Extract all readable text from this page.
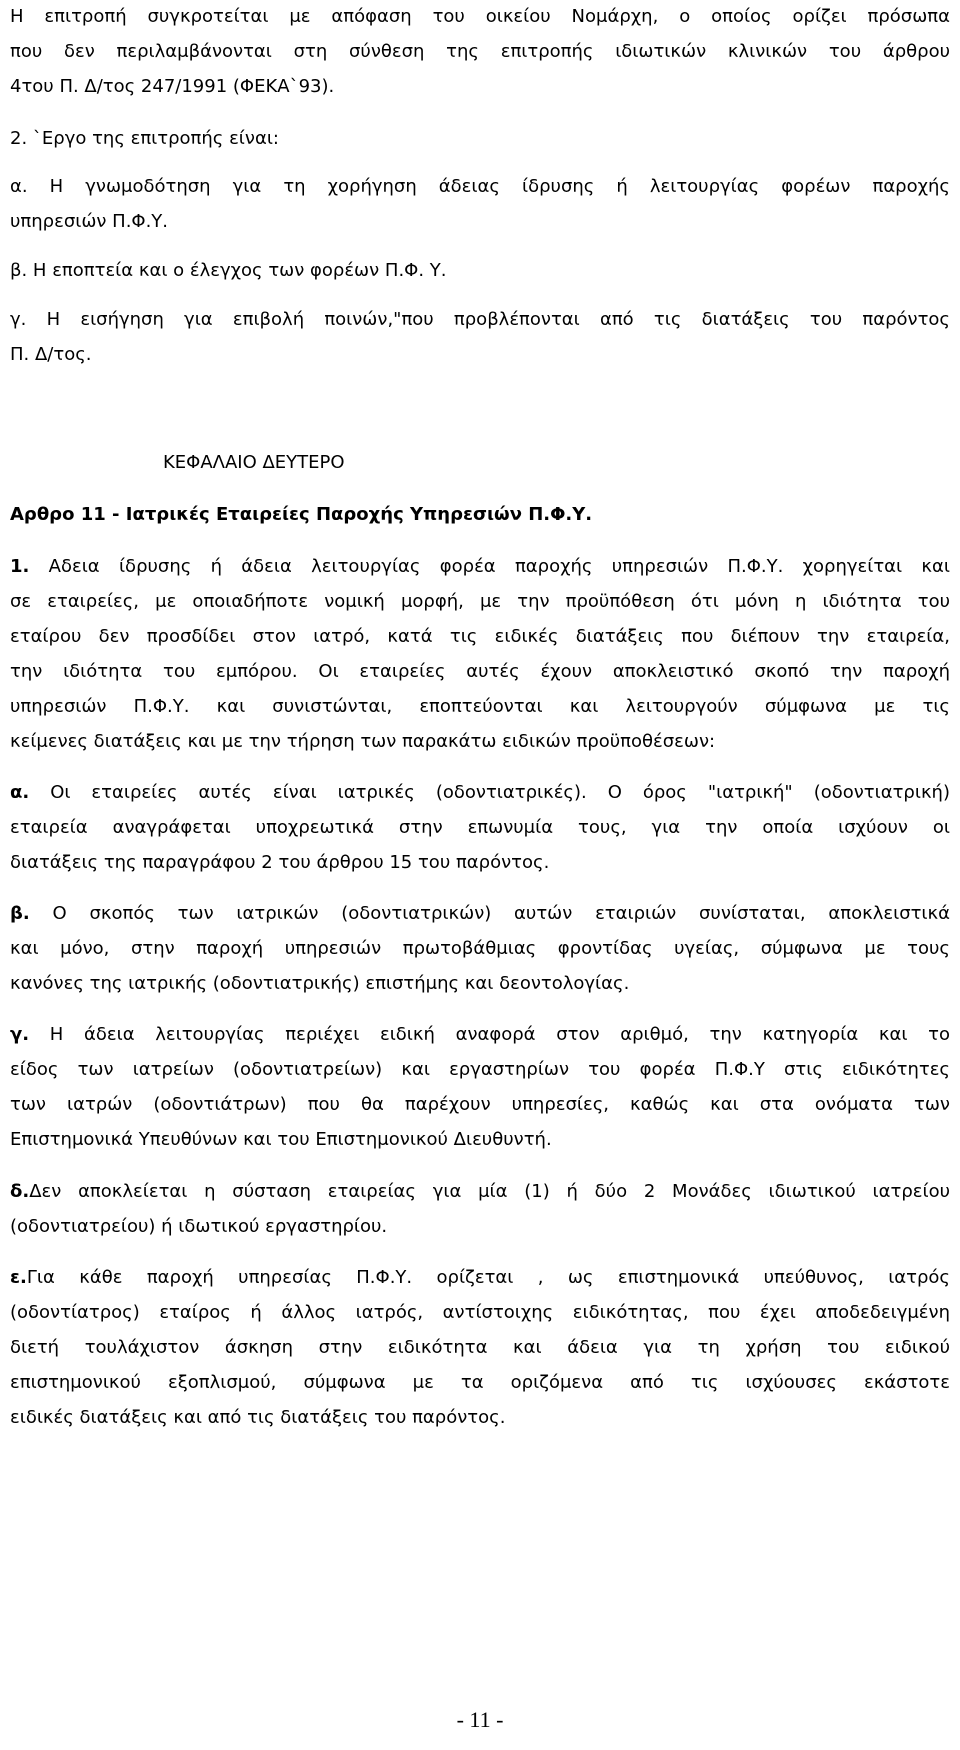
Η επιτροπή συγκροτείται με απόφαση του οικείου Νομάρχη, ο οποίος ορίζει πρόσωπα
που δεν περιλαμβάνονται στη σύνθεση της επιτροπής ιδιωτικών κλινικών του άρθρου
4του Π. Δ/τος 247/1991 (ΦΕΚΑ`93).
2. `Εργο της επιτροπής είναι:
α. Η γνωμοδότηση για τη χορήγηση άδειας ίδρυσης ή λειτουργίας φορέων παροχής
υπηρεσιών Π.Φ.Υ.
β. Η εποπτεία και ο έλεγχος των φορέων Π.Φ. Υ.
γ. Η εισήγηση για επιβολή ποινών,"που προβλέπονται από τις διατάξεις του παρόντος
Π. Δ/τος.
ΚΕΦΑΛΑΙΟ ΔΕΥΤΕΡΟ
Αρθρο 11 - Ιατρικές Εταιρείες Παροχής Υπηρεσιών Π.Φ.Υ.
1. Αδεια ίδρυσης ή άδεια λειτουργίας φορέα παροχής υπηρεσιών Π.Φ.Υ. χορηγείται και
σε εταιρείες, με οποιαδήποτε νομική μορφή, με την προϋπόθεση ότι μόνη η ιδιότητα του
εταίρου δεν προσδίδει στον ιατρό, κατά τις ειδικές διατάξεις που διέπουν την εταιρεία,
την ιδιότητα του εμπόρου. Οι εταιρείες αυτές έχουν αποκλειστικό σκοπό την παροχή
υπηρεσιών Π.Φ.Υ. και συνιστώνται, εποπτεύονται και λειτουργούν σύμφωνα με τις
κείμενες διατάξεις και με την τήρηση των παρακάτω ειδικών προϋποθέσεων:
α. Οι εταιρείες αυτές είναι ιατρικές (οδοντιατρικές). Ο όρος "ιατρική" (οδοντιατρική)
εταιρεία αναγράφεται υποχρεωτικά στην επωνυμία τους, για την οποία ισχύουν οι
διατάξεις της παραγράφου 2 του άρθρου 15 του παρόντος.
β. Ο σκοπός των ιατρικών (οδοντιατρικών) αυτών εταιριών συνίσταται, αποκλειστικά
και μόνο, στην παροχή υπηρεσιών πρωτοβάθμιας φροντίδας υγείας, σύμφωνα με τους
κανόνες της ιατρικής (οδοντιατρικής) επιστήμης και δεοντολογίας.
γ. Η άδεια λειτουργίας περιέχει ειδική αναφορά στον αριθμό, την κατηγορία και το
είδος των ιατρείων (οδοντιατρείων) και εργαστηρίων του φορέα Π.Φ.Υ στις ειδικότητες
των ιατρών (οδοντιάτρων) που θα παρέχουν υπηρεσίες, καθώς και στα ονόματα των
Επιστημονικά Υπευθύνων και του Επιστημονικού Διευθυντή.
δ.Δεν αποκλείεται η σύσταση εταιρείας για μία (1) ή δύο 2 Μονάδες ιδιωτικού ιατρείου
(οδοντιατρείου) ή ιδωτικού εργαστηρίου.
ε.Για κάθε παροχή υπηρεσίας Π.Φ.Υ. ορίζεται , ως επιστημονικά υπεύθυνος, ιατρός
(οδοντίατρος) εταίρος ή άλλος ιατρός, αντίστοιχης ειδικότητας, που έχει αποδεδειγμένη
διετή τουλάχιστον άσκηση στην ειδικότητα και άδεια για τη χρήση του ειδικού
επιστημονικού εξοπλισμού, σύμφωνα με τα οριζόμενα από τις ισχύουσες εκάστοτε
ειδικές διατάξεις και από τις διατάξεις του παρόντος.
- 11 -
